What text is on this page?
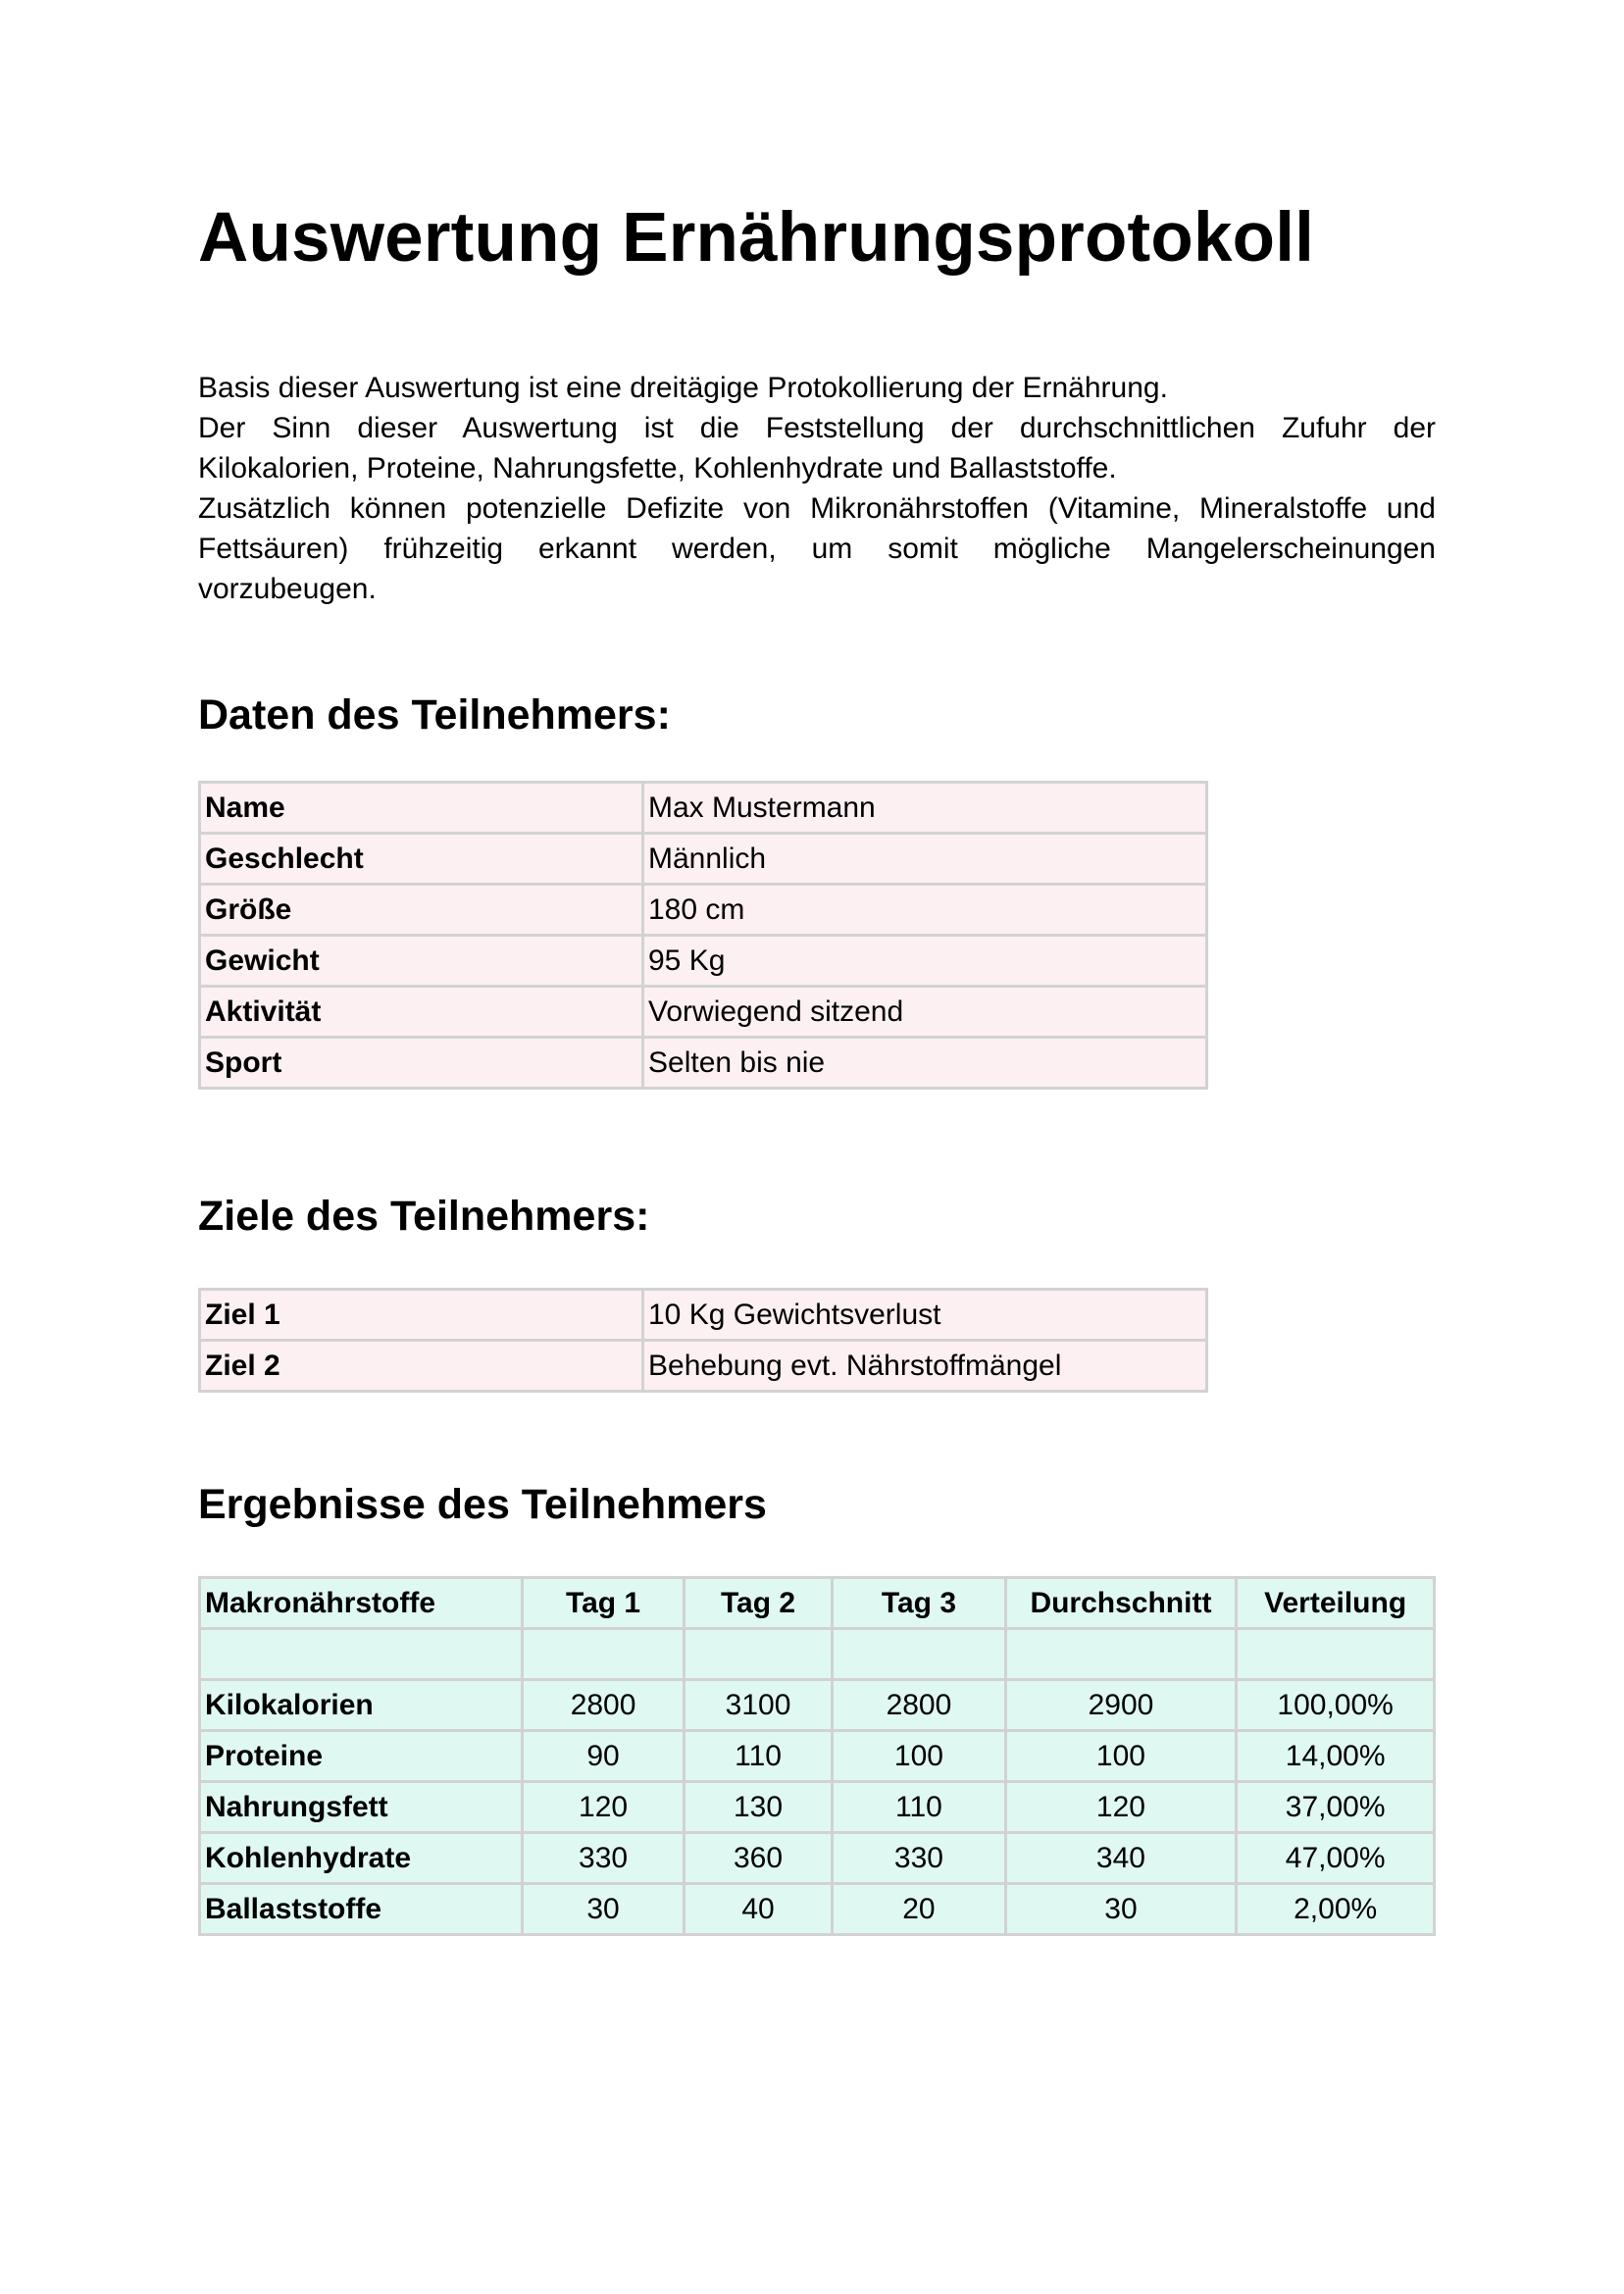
Auswertung Ernährungsprotokoll

Basis dieser Auswertung ist eine dreitägige Protokollierung der Ernährung.
Der Sinn dieser Auswertung ist die Feststellung der durchschnittlichen Zufuhr der
Kilokalorien, Proteine, Nahrungsfette, Kohlenhydrate und Ballaststoffe.
Zusätzlich können potenzielle Defizite von Mikronährstoffen (Vitamine, Mineralstoffe und
Fettsäuren) frühzeitig erkannt werden, um somit mögliche Mangelerscheinungen
vorzubeugen.

Daten des Teilnehmers:
Name	Max Mustermann
Geschlecht	Männlich
Größe	180 cm
Gewicht	95 Kg
Aktivität	Vorwiegend sitzend
Sport	Selten bis nie
Ziele des Teilnehmers:
Ziel 1	10 Kg Gewichtsverlust
Ziel 2	Behebung evt. Nährstoffmängel
Ergebnisse des Teilnehmers
Makronährstoffe	Tag 1	Tag 2	Tag 3	Durchschnitt	Verteilung

Kilokalorien	2800	3100	2800	2900	100,00%
Proteine	90	110	100	100	14,00%
Nahrungsfett	120	130	110	120	37,00%
Kohlenhydrate	330	360	330	340	47,00%
Ballaststoffe	30	40	20	30	2,00%
